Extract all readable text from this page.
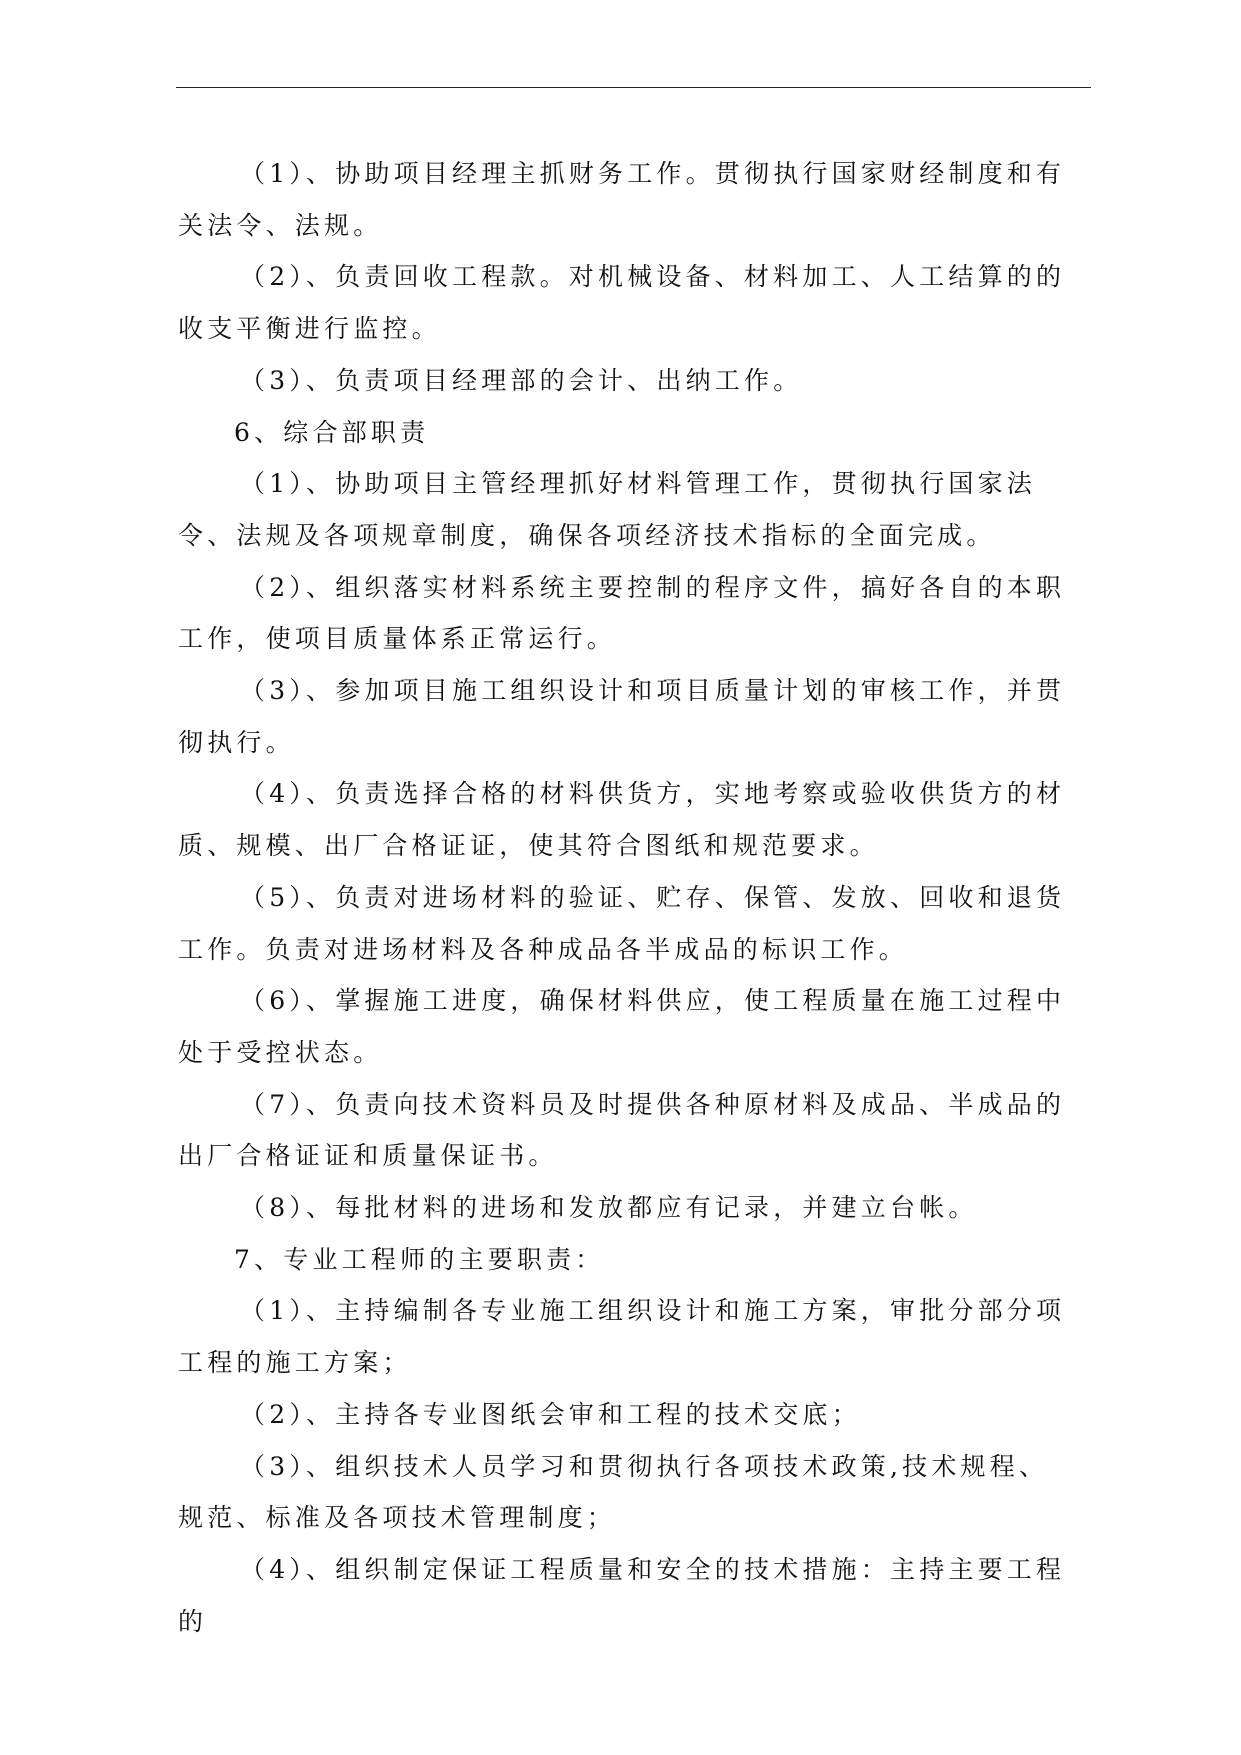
（1）、协助项目经理主抓财务工作。贯彻执行国家财经制度和有关法令、法规。

（2）、负责回收工程款。对机械设备、材料加工、人工结算的的收支平衡进行监控。

（3）、负责项目经理部的会计、出纳工作。

6、综合部职责

（1）、协助项目主管经理抓好材料管理工作，贯彻执行国家法令、法规及各项规章制度，确保各项经济技术指标的全面完成。

（2）、组织落实材料系统主要控制的程序文件，搞好各自的本职工作，使项目质量体系正常运行。

（3）、参加项目施工组织设计和项目质量计划的审核工作，并贯彻执行。

（4）、负责选择合格的材料供货方，实地考察或验收供货方的材质、规模、出厂合格证证，使其符合图纸和规范要求。

（5）、负责对进场材料的验证、贮存、保管、发放、回收和退货工作。负责对进场材料及各种成品各半成品的标识工作。

（6）、掌握施工进度，确保材料供应，使工程质量在施工过程中处于受控状态。

（7）、负责向技术资料员及时提供各种原材料及成品、半成品的出厂合格证证和质量保证书。

（8）、每批材料的进场和发放都应有记录，并建立台帐。

7、专业工程师的主要职责：

（1）、主持编制各专业施工组织设计和施工方案，审批分部分项工程的施工方案；

（2）、主持各专业图纸会审和工程的技术交底；

（3）、组织技术人员学习和贯彻执行各项技术政策,技术规程、规范、标准及各项技术管理制度；

（4）、组织制定保证工程质量和安全的技术措施：主持主要工程的
